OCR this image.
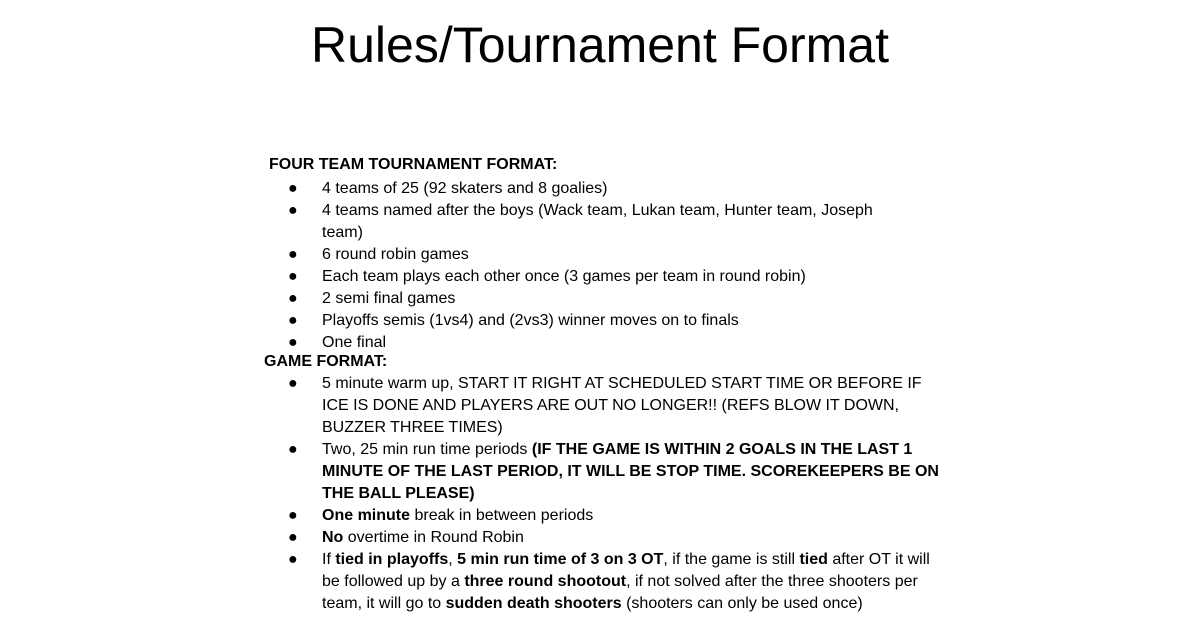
Rules/Tournament Format

FOUR TEAM TOURNAMENT FORMAT:

● 4 teams of 25 (92 skaters and 8 goalies)
● 4 teams named after the boys (Wack team, Lukan team, Hunter team, Joseph team)
● 6 round robin games
● Each team plays each other once (3 games per team in round robin)
● 2 semi final games
● Playoffs semis (1vs4) and (2vs3) winner moves on to finals
● One final

GAME FORMAT:

● 5 minute warm up, START IT RIGHT AT SCHEDULED START TIME OR BEFORE IF ICE IS DONE AND PLAYERS ARE OUT NO LONGER!! (REFS BLOW IT DOWN, BUZZER THREE TIMES)
● Two, 25 min run time periods (IF THE GAME IS WITHIN 2 GOALS IN THE LAST 1 MINUTE OF THE LAST PERIOD, IT WILL BE STOP TIME. SCOREKEEPERS BE ON THE BALL PLEASE)
● One minute break in between periods
● No overtime in Round Robin
● If tied in playoffs, 5 min run time of 3 on 3 OT, if the game is still tied after OT it will be followed up by a three round shootout, if not solved after the three shooters per team, it will go to sudden death shooters (shooters can only be used once)
